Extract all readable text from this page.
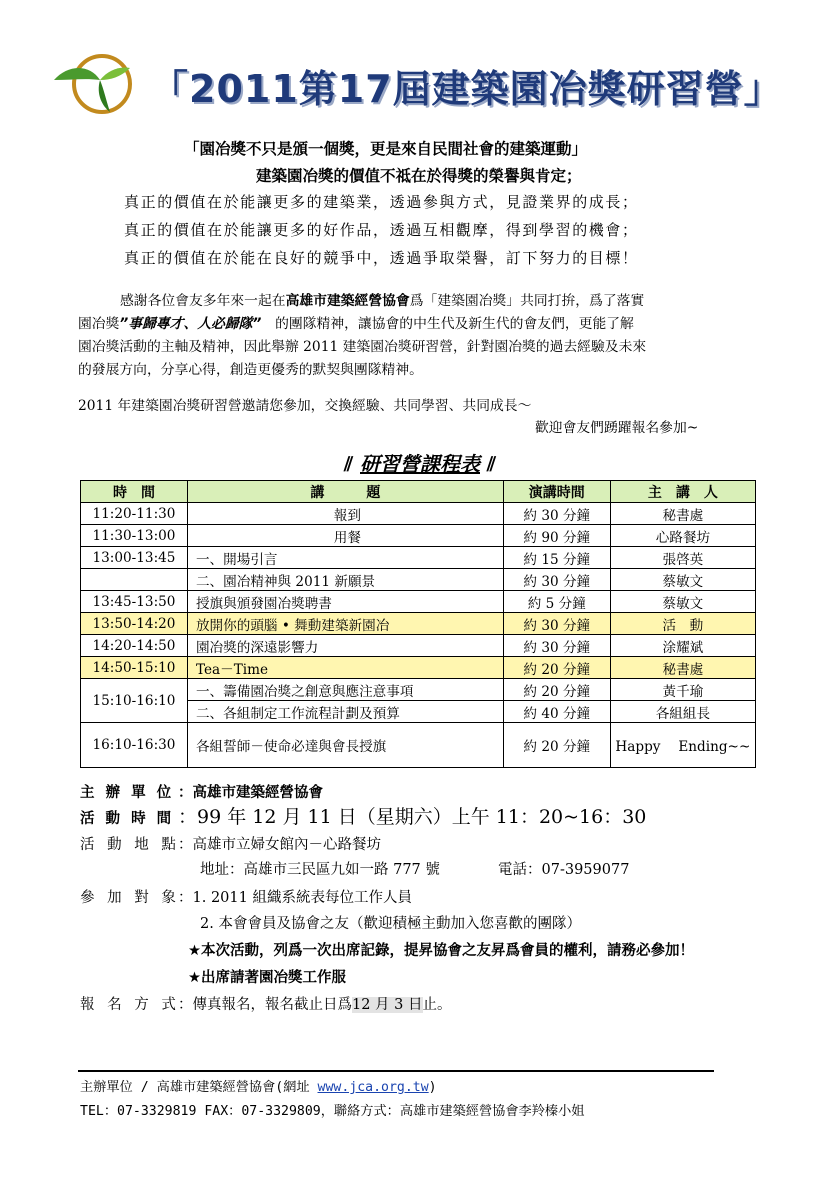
「2011第17屆建築園冶獎研習營」
「園冶獎不只是頒一個獎，更是來自民間社會的建築運動」
建築園冶獎的價值不祗在於得獎的榮譽與肯定；
真正的價值在於能讓更多的建築業，透過參與方式，見證業界的成長；
真正的價值在於能讓更多的好作品，透過互相觀摩，得到學習的機會；
真正的價值在於能在良好的競爭中，透過爭取榮譽，訂下努力的目標！
感謝各位會友多年來一起在高雄市建築經營協會爲「建築園冶獎」共同打拚，爲了落實
園冶獎”事歸專才、人必歸隊”　的團隊精神，讓協會的中生代及新生代的會友們，更能了解
園冶獎活動的主軸及精神，因此舉辦 2011 建築園冶獎研習營，針對園冶獎的過去經驗及未來
的發展方向，分享心得，創造更優秀的默契與團隊精神。
2011 年建築園冶獎研習營邀請您參加，交換經驗、共同學習、共同成長～
歡迎會友們踴躍報名參加~
⫽ 研習營課程表 ⫽
時　間	講　　　題	演講時間	主　講　人
11:20-11:30	報到	約 30 分鐘	秘書處
11:30-13:00	用餐	約 90 分鐘	心路餐坊
13:00-13:45	一、開場引言	約 15 分鐘	張啓英
	二、園冶精神與 2011 新願景	約 30 分鐘	蔡敏文
13:45-13:50	授旗與頒發園冶獎聘書	約 5 分鐘	蔡敏文
13:50-14:20	放開你的頭腦 • 舞動建築新園冶	約 30 分鐘	活　動
14:20-14:50	園冶獎的深遠影響力	約 30 分鐘	涂耀斌
14:50-15:10	Tea－Time	約 20 分鐘	秘書處
15:10-16:10	一、籌備園冶獎之創意與應注意事項	約 20 分鐘	黃千瑜
	二、各組制定工作流程計劃及預算	約 40 分鐘	各組組長
16:10-16:30	各組誓師－使命必達與會長授旗	約 20 分鐘	Happy　 Ending~~
主 辦 單 位 ：高雄市建築經營協會
活 動 時 間 ：99 年 12 月 11 日（星期六）上午 11：20~16：30
活 動 地 點
：高雄市立婦女館內－心路餐坊
地址：高雄市三民區九如一路 777 號	電話：07-3959077
參 加 對 象
：1. 2011 組織系統表每位工作人員
2. 本會會員及協會之友（歡迎積極主動加入您喜歡的團隊）
★本次活動，列爲一次出席記錄，提昇協會之友昇爲會員的權利，請務必參加！
★出席請著園冶獎工作服
報 名 方 式
：傳真報名，報名截止日爲12 月 3 日止。
主辦單位 / 高雄市建築經營協會(網址 www.jca.org.tw)
TEL：07-3329819 FAX：07-3329809，聯絡方式：高雄市建築經營協會李羚榛小姐
